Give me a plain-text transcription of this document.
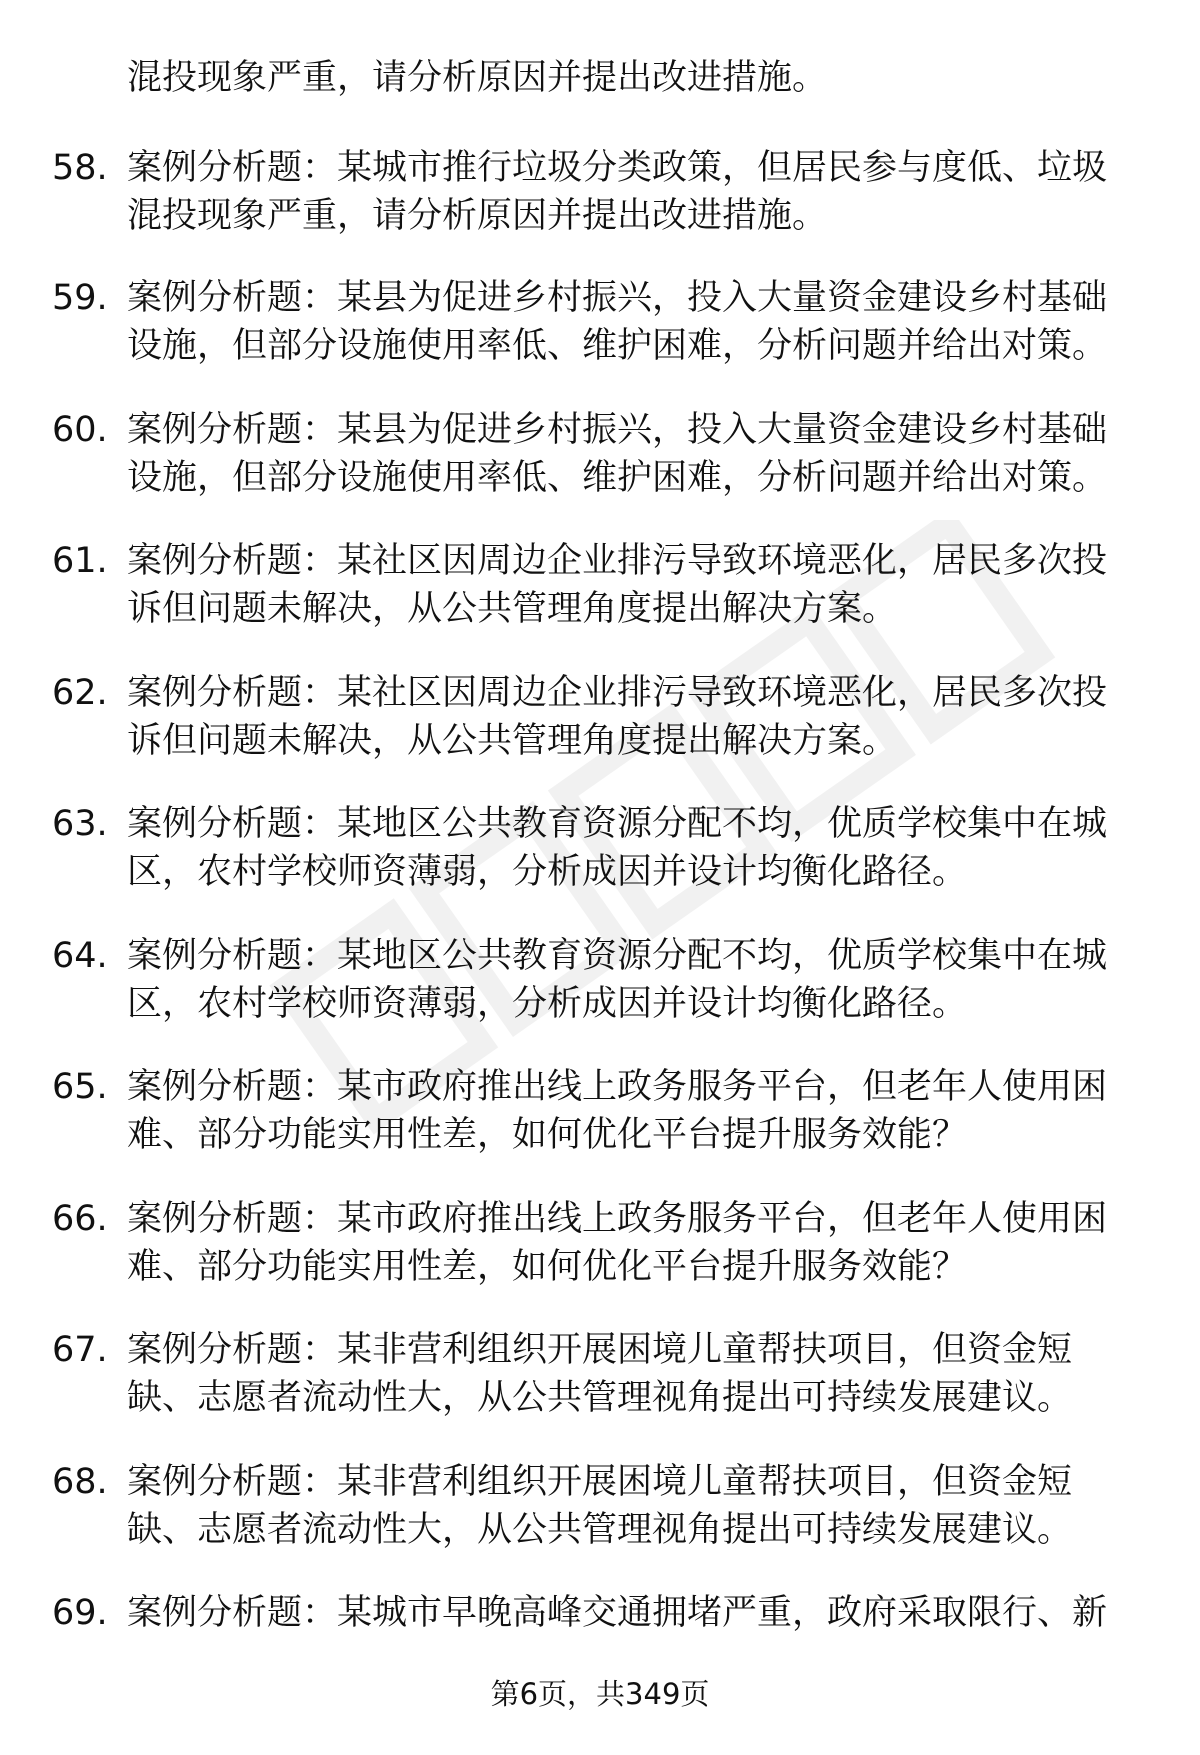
混投现象严重，请分析原因并提出改进措施。
58. 案例分析题：某城市推行垃圾分类政策，但居民参与度低、垃圾
混投现象严重，请分析原因并提出改进措施。
59. 案例分析题：某县为促进乡村振兴，投入大量资金建设乡村基础
设施，但部分设施使用率低、维护困难，分析问题并给出对策。
60. 案例分析题：某县为促进乡村振兴，投入大量资金建设乡村基础
设施，但部分设施使用率低、维护困难，分析问题并给出对策。
61. 案例分析题：某社区因周边企业排污导致环境恶化，居民多次投
诉但问题未解决，从公共管理角度提出解决方案。
62. 案例分析题：某社区因周边企业排污导致环境恶化，居民多次投
诉但问题未解决，从公共管理角度提出解决方案。
63. 案例分析题：某地区公共教育资源分配不均，优质学校集中在城
区，农村学校师资薄弱，分析成因并设计均衡化路径。
64. 案例分析题：某地区公共教育资源分配不均，优质学校集中在城
区，农村学校师资薄弱，分析成因并设计均衡化路径。
65. 案例分析题：某市政府推出线上政务服务平台，但老年人使用困
难、部分功能实用性差，如何优化平台提升服务效能？
66. 案例分析题：某市政府推出线上政务服务平台，但老年人使用困
难、部分功能实用性差，如何优化平台提升服务效能？
67. 案例分析题：某非营利组织开展困境儿童帮扶项目，但资金短
缺、志愿者流动性大，从公共管理视角提出可持续发展建议。
68. 案例分析题：某非营利组织开展困境儿童帮扶项目，但资金短
缺、志愿者流动性大，从公共管理视角提出可持续发展建议。
69. 案例分析题：某城市早晚高峰交通拥堵严重，政府采取限行、新
第6页，共349页
